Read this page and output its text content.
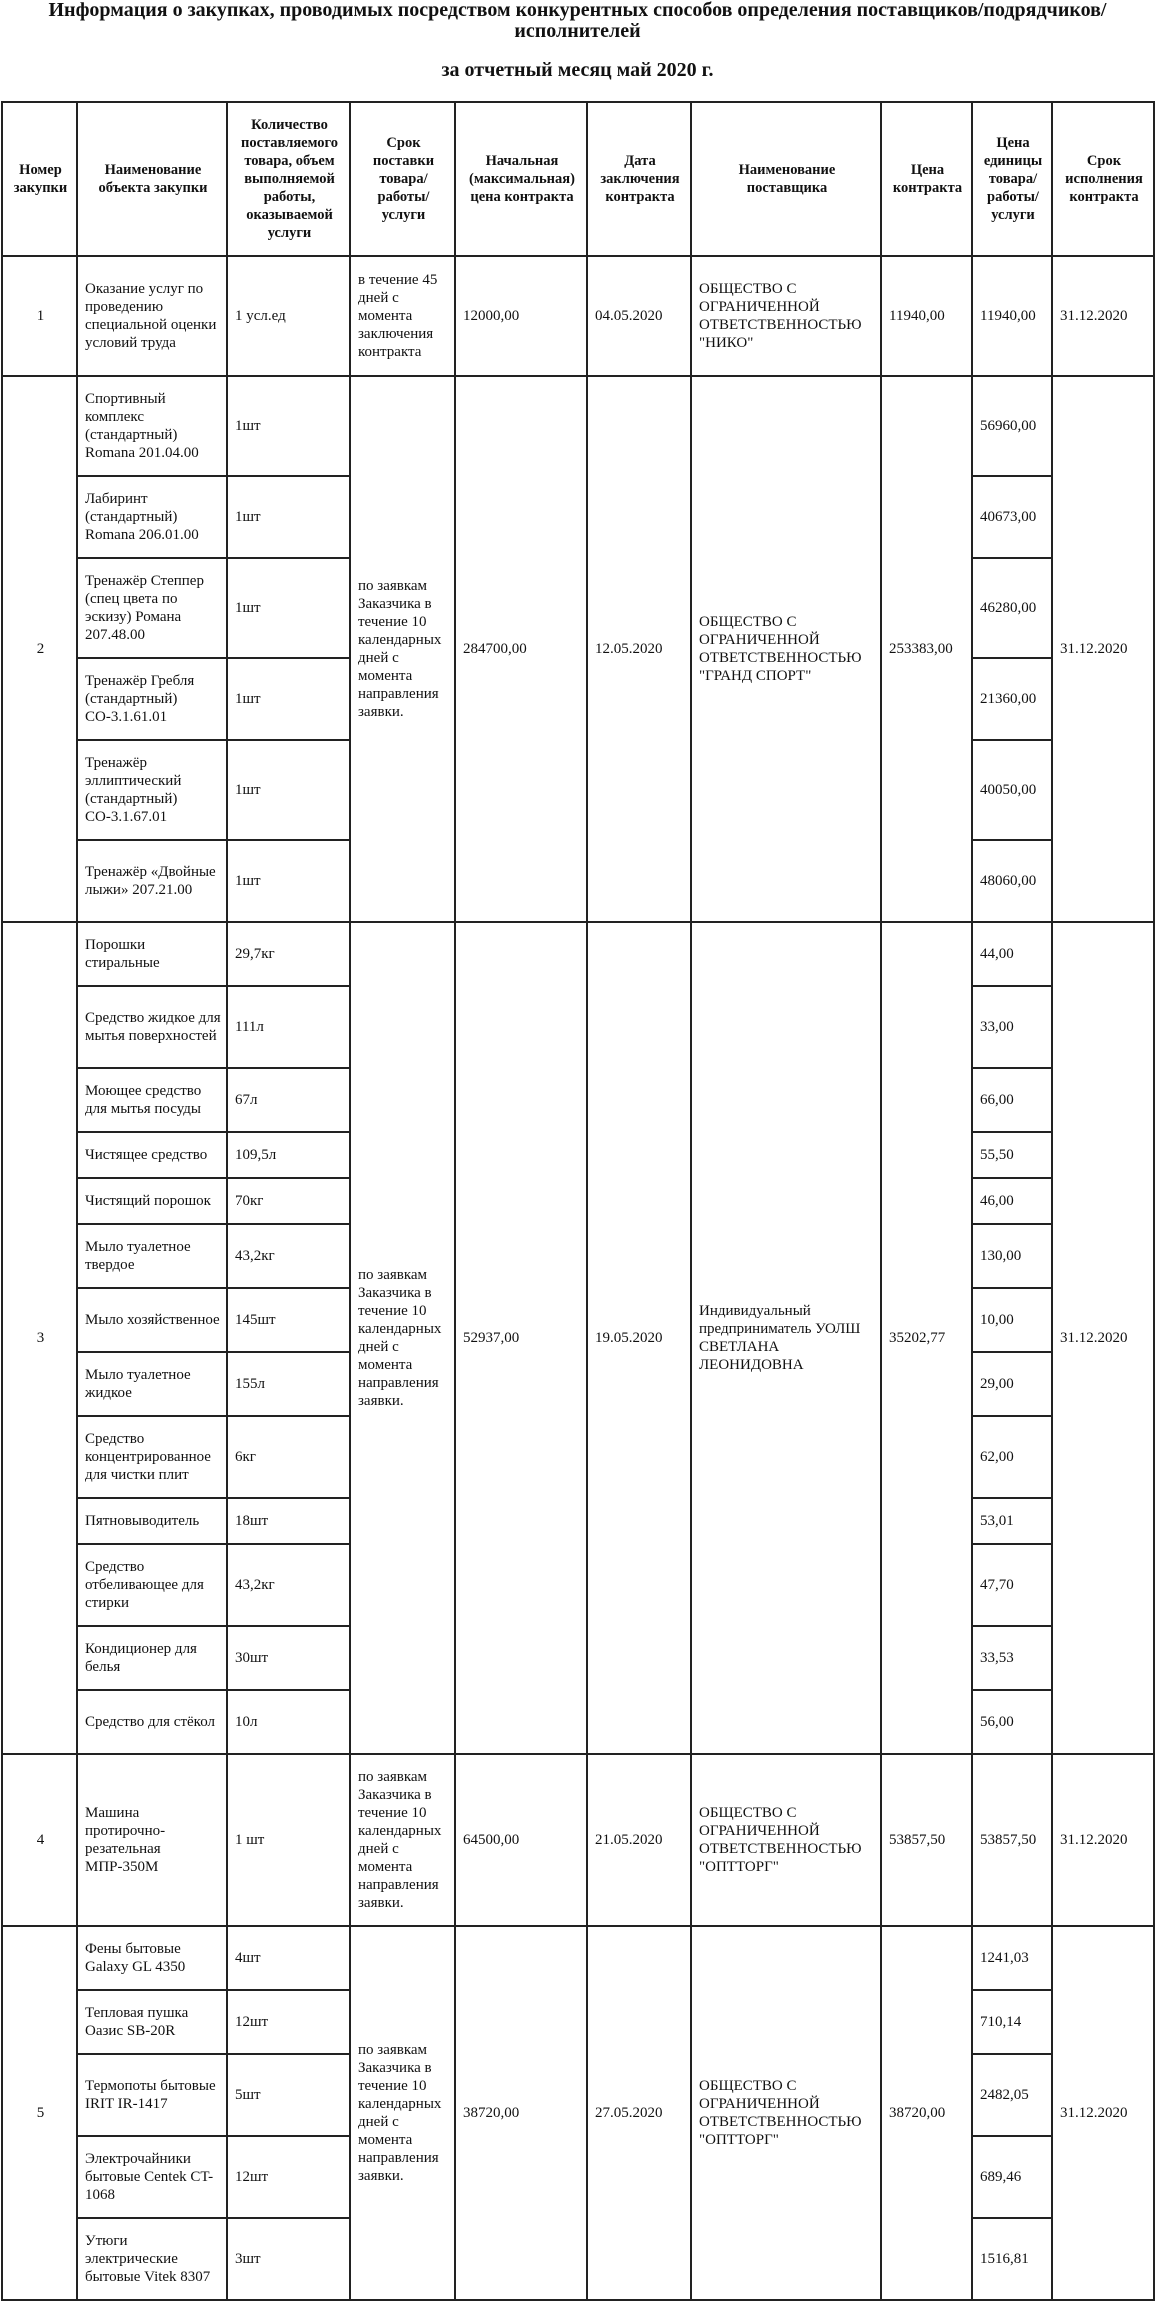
Информация о закупках, проводимых посредством конкурентных способов определения поставщиков/подрядчиков/
исполнителей
за отчетный месяц май 2020 г.
Номер закупки	Наименование объекта закупки	Количество поставляемого товара, объем выполняемой работы, оказываемой услуги	Срок поставки товара/ работы/ услуги	Начальная (максимальная) цена контракта	Дата заключения контракта	Наименование поставщика	Цена контракта	Цена единицы товара/ работы/ услуги	Срок исполнения контракта
1	Оказание услуг по проведению специальной оценки условий труда	1 усл.ед	в течение 45 дней с момента заключения контракта	12000,00	04.05.2020	ОБЩЕСТВО С ОГРАНИЧЕННОЙ ОТВЕТСТВЕННОСТЬЮ "НИКО"	11940,00	11940,00	31.12.2020
2	Спортивный комплекс (стандартный) Romana 201.04.00	1шт	по заявкам Заказчика в течение 10 календарных дней с момента направления заявки.	284700,00	12.05.2020	ОБЩЕСТВО С ОГРАНИЧЕННОЙ ОТВЕТСТВЕННОСТЬЮ "ГРАНД СПОРТ"	253383,00	56960,00	31.12.2020
	Лабиринт (стандартный) Romana 206.01.00	1шт						40673,00	
	Тренажёр Степпер (спец цвета по эскизу) Романа 207.48.00	1шт						46280,00	
	Тренажёр Гребля (стандартный) СО-3.1.61.01	1шт						21360,00	
	Тренажёр эллиптический (стандартный) СО-3.1.67.01	1шт						40050,00	
	Тренажёр «Двойные лыжи» 207.21.00	1шт						48060,00	
3	Порошки стиральные	29,7кг	по заявкам Заказчика в течение 10 календарных дней с момента направления заявки.	52937,00	19.05.2020	Индивидуальный предприниматель УОЛШ СВЕТЛАНА ЛЕОНИДОВНА	35202,77	44,00	31.12.2020
	Средство жидкое для мытья поверхностей	111л						33,00	
	Моющее средство для мытья посуды	67л						66,00	
	Чистящее средство	109,5л						55,50	
	Чистящий порошок	70кг						46,00	
	Мыло туалетное твердое	43,2кг						130,00	
	Мыло хозяйственное	145шт						10,00	
	Мыло туалетное жидкое	155л						29,00	
	Средство концентрированное для чистки плит	6кг						62,00	
	Пятновыводитель	18шт						53,01	
	Средство отбеливающее для стирки	43,2кг						47,70	
	Кондиционер для белья	30шт						33,53	
	Средство для стёкол	10л						56,00	
4	Машина протирочно-резательная МПР-350М	1 шт	по заявкам Заказчика в течение 10 календарных дней с момента направления заявки.	64500,00	21.05.2020	ОБЩЕСТВО С ОГРАНИЧЕННОЙ ОТВЕТСТВЕННОСТЬЮ "ОПТТОРГ"	53857,50	53857,50	31.12.2020
5	Фены бытовые Galaxy GL 4350	4шт	по заявкам Заказчика в течение 10 календарных дней с момента направления заявки.	38720,00	27.05.2020	ОБЩЕСТВО С ОГРАНИЧЕННОЙ ОТВЕТСТВЕННОСТЬЮ "ОПТТОРГ"	38720,00	1241,03	31.12.2020
	Тепловая пушка Оазис SB-20R	12шт						710,14	
	Термопоты бытовые IRIT IR-1417	5шт						2482,05	
	Электрочайники бытовые Centek CT-1068	12шт						689,46	
	Утюги электрические бытовые Vitek 8307	3шт						1516,81	
